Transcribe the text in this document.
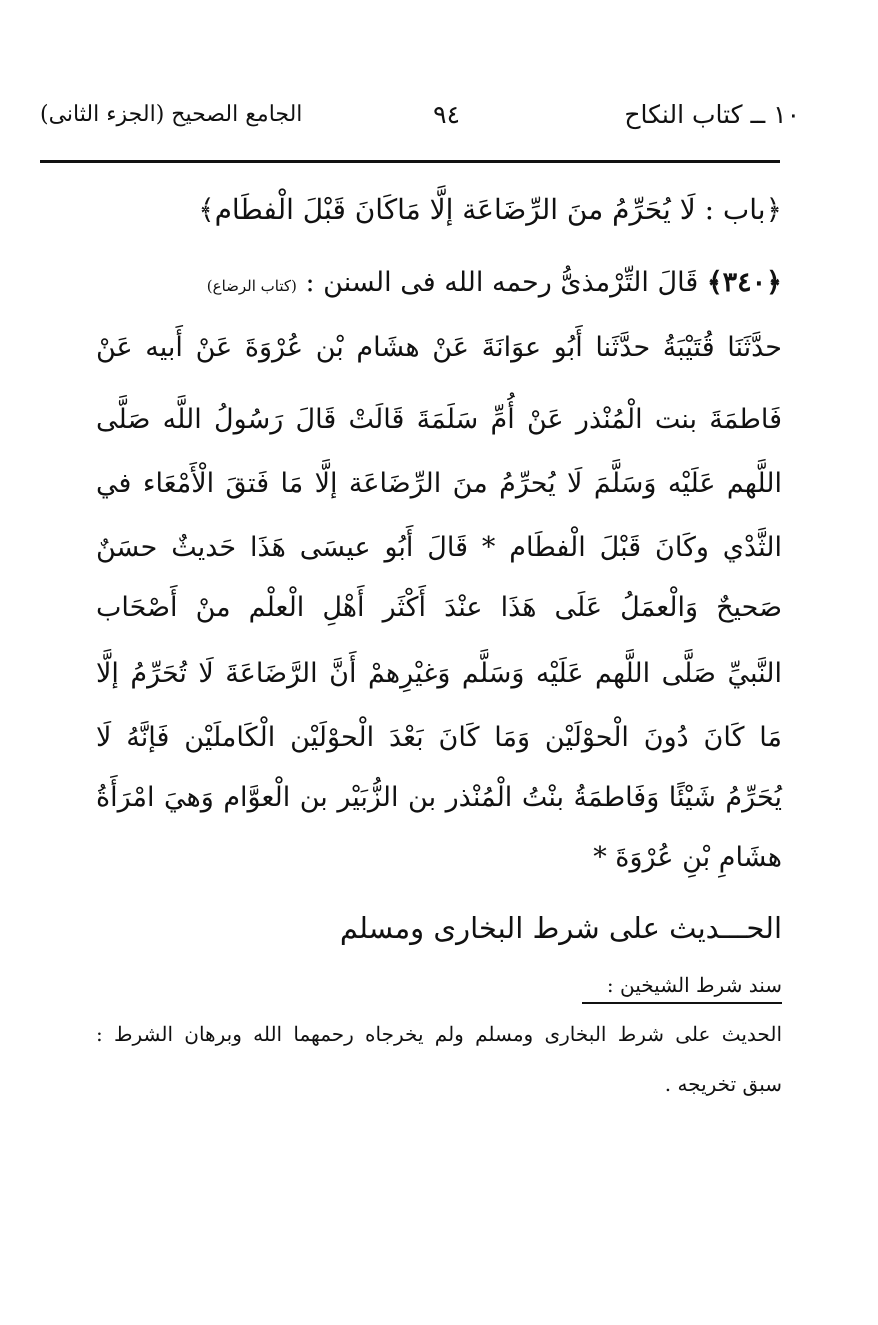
١٠ ــ كتاب النكاح
٩٤
الجامع الصحيح (الجزء الثانى)
﴿باب : لَا يُحَرِّمُ منَ الرِّضَاعَة إلَّا مَاكَانَ قَبْلَ الْفطَام﴾
﴿٣٤٠﴾ قَالَ التِّرْمذىُّ رحمه الله فى السنن : (كتاب الرضاع)
حدَّثَنَا قُتَيْبَةُ حدَّثَنا أَبُو عوَانَةَ عَنْ هشَام بْن عُرْوَةَ عَنْ أَبيه عَنْ
فَاطمَةَ بنت الْمُنْذر عَنْ أُمِّ سَلَمَةَ قَالَتْ قَالَ رَسُولُ اللَّه صَلَّى
اللَّهم عَلَيْه وَسَلَّمَ لَا يُحرِّمُ منَ الرِّضَاعَة إلَّا مَا فَتقَ الْأَمْعَاء في
الثَّدْي وكَانَ قَبْلَ الْفطَام * قَالَ أَبُو عيسَى هَذَا حَديثٌ حسَنٌ
صَحيحٌ وَالْعمَلُ عَلَى هَذَا عنْدَ أَكْثَر أَهْلِ الْعلْم منْ أَصْحَاب
النَّبيِّ صَلَّى اللَّهم عَلَيْه وَسَلَّم وَغيْرِهمْ أَنَّ الرَّضَاعَةَ لَا تُحَرِّمُ إلَّا
مَا كَانَ دُونَ الْحوْلَيْن وَمَا كَانَ بَعْدَ الْحوْلَيْن الْكَاملَيْن فَإنَّهُ لَا
يُحَرِّمُ شَيْئًا وَفَاطمَةُ بنْتُ الْمُنْذر بن الزُّبَيْر بن الْعوَّام وَهيَ امْرَأَةُ
هشَامِ بْنِ عُرْوَةَ *
الحـــديث على شرط البخارى ومسلم
سند شرط الشيخين :
الحديث على شرط البخارى ومسلم ولم يخرجاه رحمهما الله وبرهان الشرط :
سبق تخريجه .
